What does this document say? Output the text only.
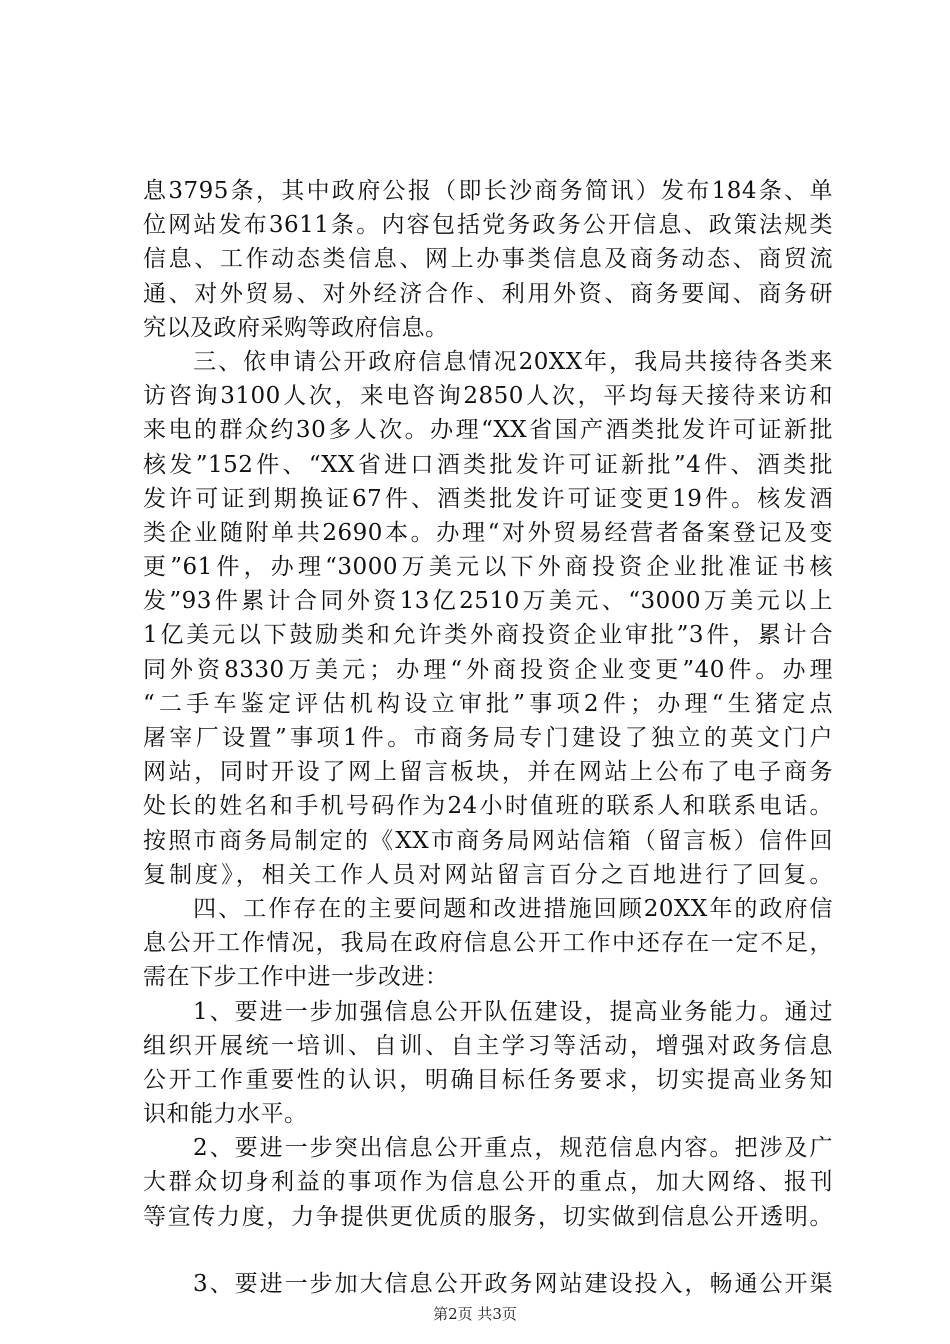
息3795条，其中政府公报（即长沙商务简讯）发布184条、单
位网站发布3611条。内容包括党务政务公开信息、政策法规类
信息、工作动态类信息、网上办事类信息及商务动态、商贸流
通、对外贸易、对外经济合作、利用外资、商务要闻、商务研
究以及政府采购等政府信息。
　　三、依申请公开政府信息情况20XX年，我局共接待各类来
访咨询3100人次，来电咨询2850人次，平均每天接待来访和
来电的群众约30多人次。办理“XX省国产酒类批发许可证新批
核发”152件、“XX省进口酒类批发许可证新批”4件、酒类批
发许可证到期换证67件、酒类批发许可证变更19件。核发酒
类企业随附单共2690本。办理“对外贸易经营者备案登记及变
更”61件，办理“3000万美元以下外商投资企业批准证书核
发”93件累计合同外资13亿2510万美元、“3000万美元以上
1亿美元以下鼓励类和允许类外商投资企业审批”3件，累计合
同外资8330万美元；办理“外商投资企业变更”40件。办理
“二手车鉴定评估机构设立审批”事项2件；办理“生猪定点
屠宰厂设置”事项1件。市商务局专门建设了独立的英文门户
网站，同时开设了网上留言板块，并在网站上公布了电子商务
处长的姓名和手机号码作为24小时值班的联系人和联系电话。
按照市商务局制定的《XX市商务局网站信箱（留言板）信件回
复制度》，相关工作人员对网站留言百分之百地进行了回复。
　　四、工作存在的主要问题和改进措施回顾20XX年的政府信
息公开工作情况，我局在政府信息公开工作中还存在一定不足，
需在下步工作中进一步改进：
　　1、要进一步加强信息公开队伍建设，提高业务能力。通过
组织开展统一培训、自训、自主学习等活动，增强对政务信息
公开工作重要性的认识，明确目标任务要求，切实提高业务知
识和能力水平。
　　2、要进一步突出信息公开重点，规范信息内容。把涉及广
大群众切身利益的事项作为信息公开的重点，加大网络、报刊
等宣传力度，力争提供更优质的服务，切实做到信息公开透明。
　　3、要进一步加大信息公开政务网站建设投入，畅通公开渠
第2页 共3页
